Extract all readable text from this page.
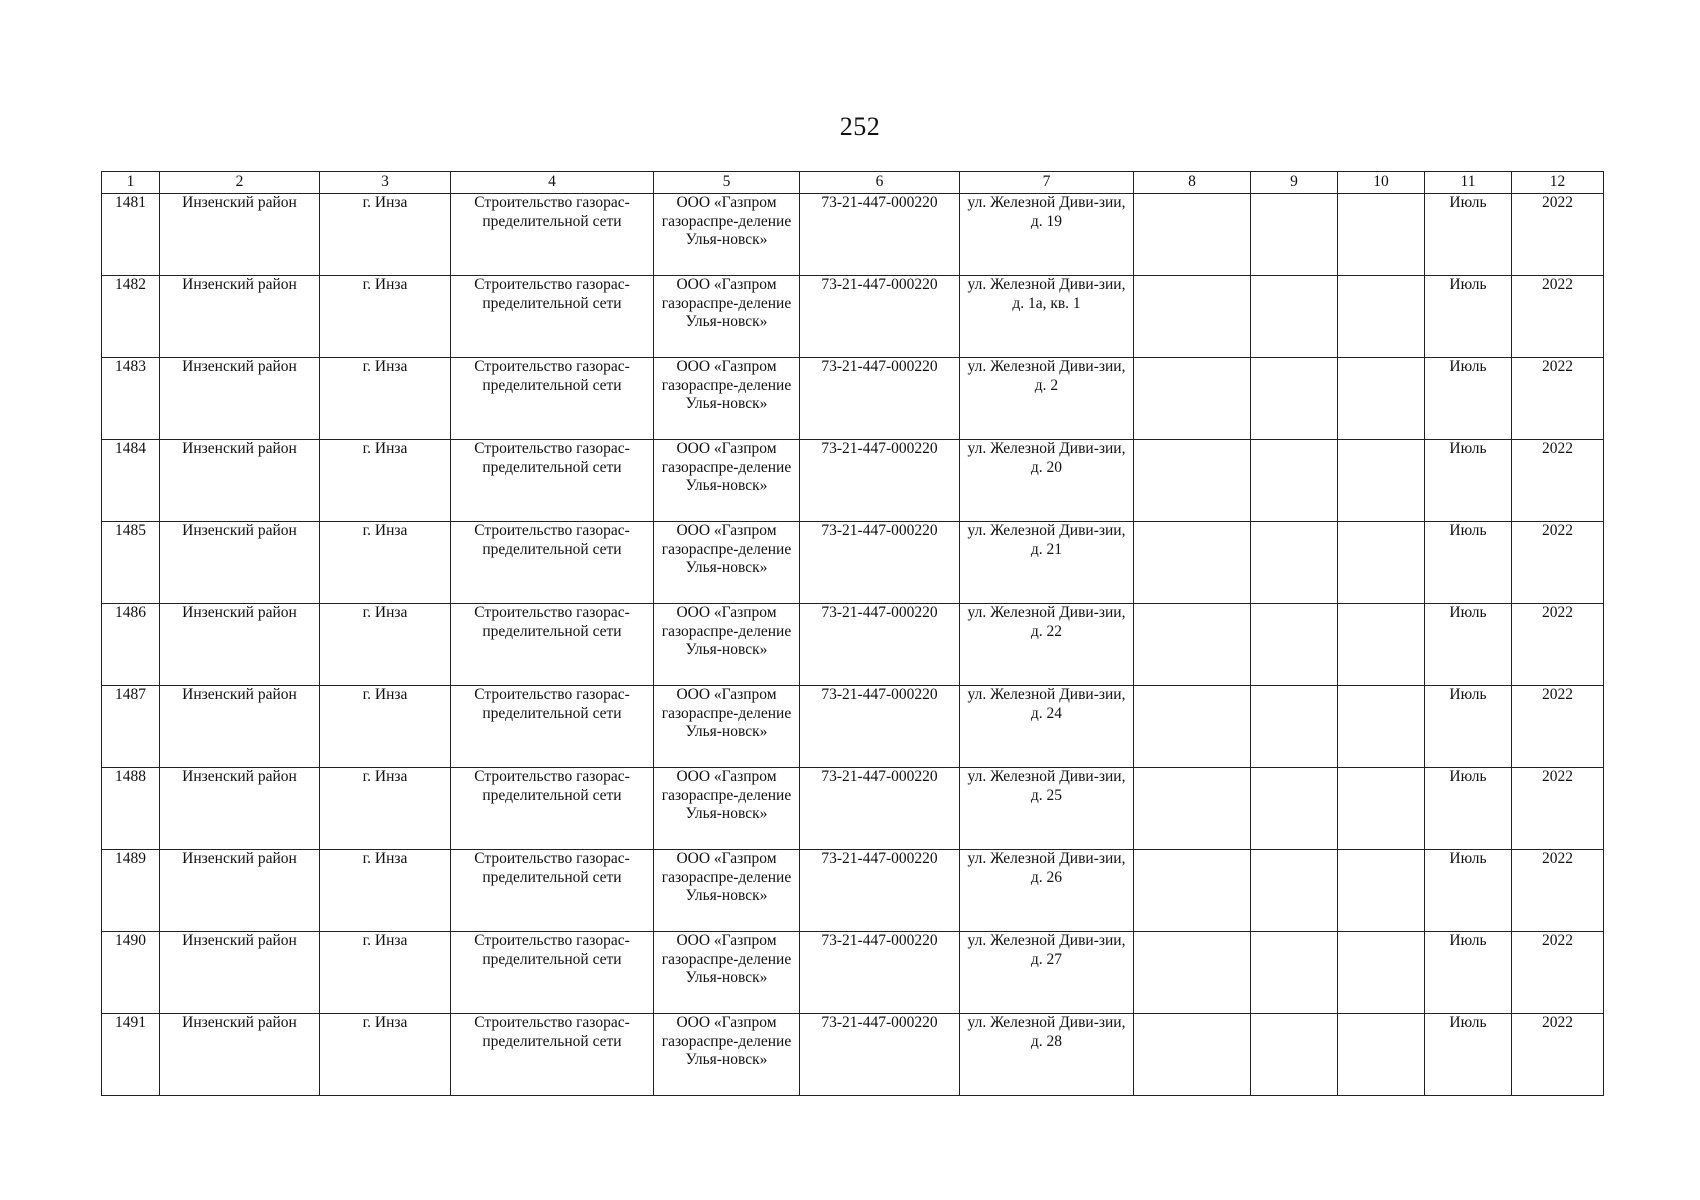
252
1	2	3	4	5	6	7	8	9	10	11	12
1481	Инзенский район	г. Инза	Строительство газорас-пределительной сети	ООО «Газпром газораспре-деление Улья-новск»	73-21-447-000220	ул. Железной Диви-зии, д. 19				Июль	2022
1482	Инзенский район	г. Инза	Строительство газорас-пределительной сети	ООО «Газпром газораспре-деление Улья-новск»	73-21-447-000220	ул. Железной Диви-зии, д. 1а, кв. 1				Июль	2022
1483	Инзенский район	г. Инза	Строительство газорас-пределительной сети	ООО «Газпром газораспре-деление Улья-новск»	73-21-447-000220	ул. Железной Диви-зии, д. 2				Июль	2022
1484	Инзенский район	г. Инза	Строительство газорас-пределительной сети	ООО «Газпром газораспре-деление Улья-новск»	73-21-447-000220	ул. Железной Диви-зии, д. 20				Июль	2022
1485	Инзенский район	г. Инза	Строительство газорас-пределительной сети	ООО «Газпром газораспре-деление Улья-новск»	73-21-447-000220	ул. Железной Диви-зии, д. 21				Июль	2022
1486	Инзенский район	г. Инза	Строительство газорас-пределительной сети	ООО «Газпром газораспре-деление Улья-новск»	73-21-447-000220	ул. Железной Диви-зии, д. 22				Июль	2022
1487	Инзенский район	г. Инза	Строительство газорас-пределительной сети	ООО «Газпром газораспре-деление Улья-новск»	73-21-447-000220	ул. Железной Диви-зии, д. 24				Июль	2022
1488	Инзенский район	г. Инза	Строительство газорас-пределительной сети	ООО «Газпром газораспре-деление Улья-новск»	73-21-447-000220	ул. Железной Диви-зии, д. 25				Июль	2022
1489	Инзенский район	г. Инза	Строительство газорас-пределительной сети	ООО «Газпром газораспре-деление Улья-новск»	73-21-447-000220	ул. Железной Диви-зии, д. 26				Июль	2022
1490	Инзенский район	г. Инза	Строительство газорас-пределительной сети	ООО «Газпром газораспре-деление Улья-новск»	73-21-447-000220	ул. Железной Диви-зии, д. 27				Июль	2022
1491	Инзенский район	г. Инза	Строительство газорас-пределительной сети	ООО «Газпром газораспре-деление Улья-новск»	73-21-447-000220	ул. Железной Диви-зии, д. 28				Июль	2022
